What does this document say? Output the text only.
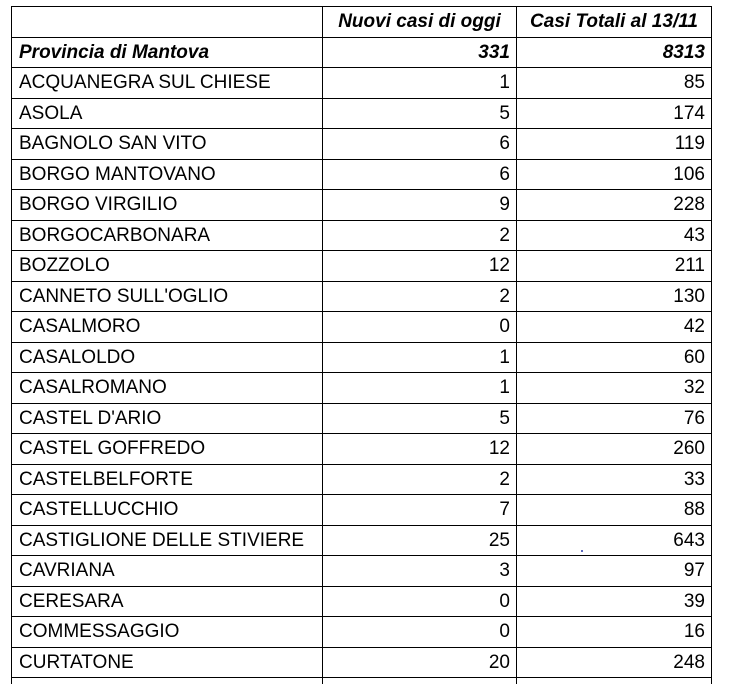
	Nuovi casi di oggi	Casi Totali al 13/11
Provincia di Mantova	331	8313
ACQUANEGRA SUL CHIESE	1	85
ASOLA	5	174
BAGNOLO SAN VITO	6	119
BORGO MANTOVANO	6	106
BORGO VIRGILIO	9	228
BORGOCARBONARA	2	43
BOZZOLO	12	211
CANNETO SULL'OGLIO	2	130
CASALMORO	0	42
CASALOLDO	1	60
CASALROMANO	1	32
CASTEL D'ARIO	5	76
CASTEL GOFFREDO	12	260
CASTELBELFORTE	2	33
CASTELLUCCHIO	7	88
CASTIGLIONE DELLE STIVIERE	25	643
CAVRIANA	3	97
CERESARA	0	39
COMMESSAGGIO	0	16
CURTATONE	20	248
